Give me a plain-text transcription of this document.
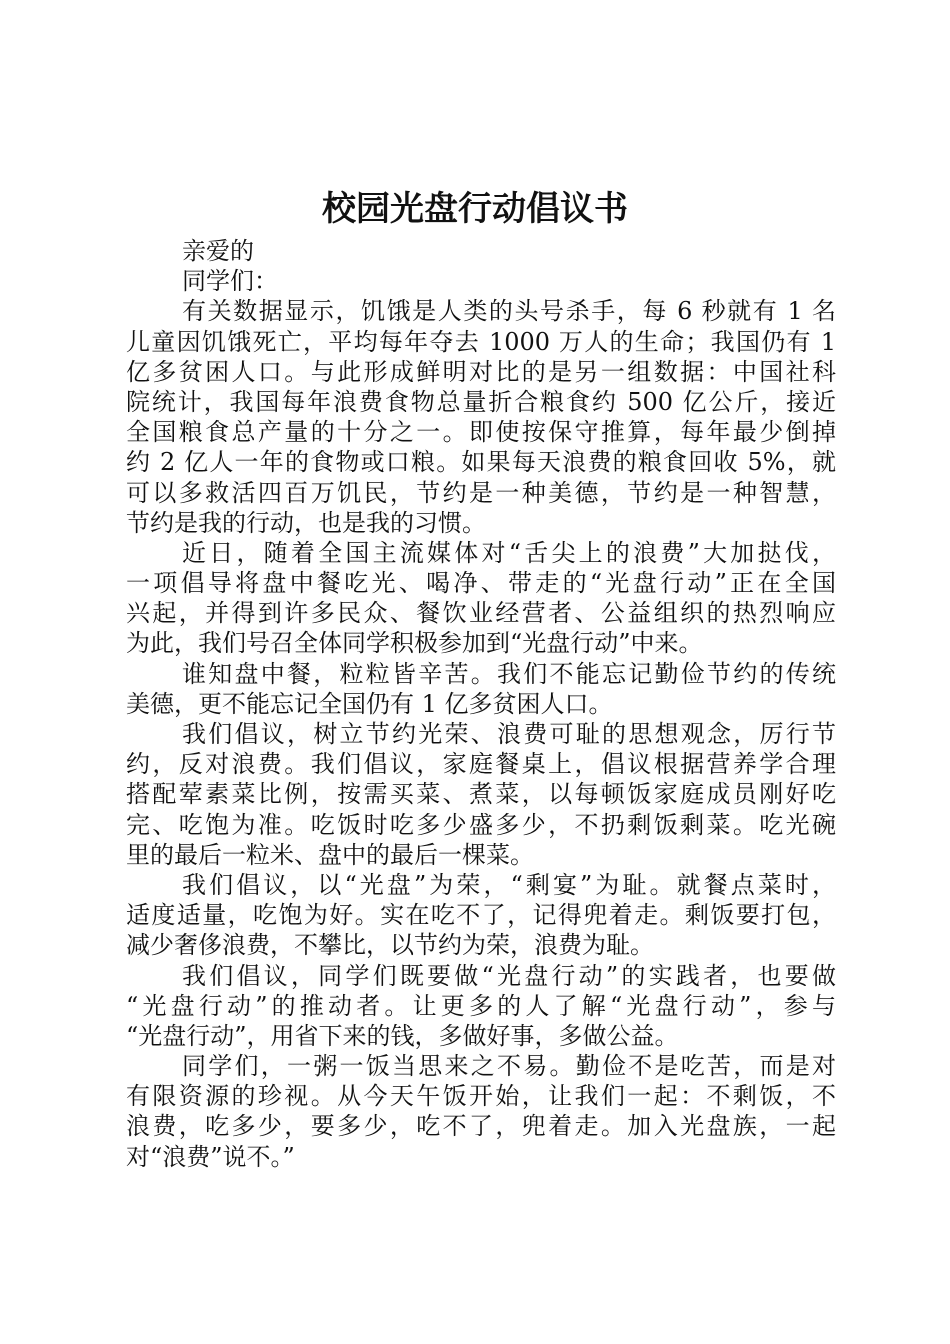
校园光盘行动倡议书
亲爱的
同学们：
有关数据显示，饥饿是人类的头号杀手，每 6 秒就有 1 名
儿童因饥饿死亡，平均每年夺去 1000 万人的生命；我国仍有 1
亿多贫困人口。与此形成鲜明对比的是另一组数据：中国社科
院统计，我国每年浪费食物总量折合粮食约 500 亿公斤，接近
全国粮食总产量的十分之一。即使按保守推算，每年最少倒掉
约 2 亿人一年的食物或口粮。如果每天浪费的粮食回收 5%，就
可以多救活四百万饥民，节约是一种美德，节约是一种智慧，
节约是我的行动，也是我的习惯。
近日，随着全国主流媒体对“舌尖上的浪费”大加挞伐，
一项倡导将盘中餐吃光、喝净、带走的“光盘行动”正在全国
兴起，并得到许多民众、餐饮业经营者、公益组织的热烈响应
为此，我们号召全体同学积极参加到“光盘行动”中来。
谁知盘中餐，粒粒皆辛苦。我们不能忘记勤俭节约的传统
美德，更不能忘记全国仍有 1 亿多贫困人口。
我们倡议，树立节约光荣、浪费可耻的思想观念，厉行节
约，反对浪费。我们倡议，家庭餐桌上，倡议根据营养学合理
搭配荤素菜比例，按需买菜、煮菜，以每顿饭家庭成员刚好吃
完、吃饱为准。吃饭时吃多少盛多少，不扔剩饭剩菜。吃光碗
里的最后一粒米、盘中的最后一棵菜。
我们倡议，以“光盘”为荣，“剩宴”为耻。就餐点菜时，
适度适量，吃饱为好。实在吃不了，记得兜着走。剩饭要打包，
减少奢侈浪费，不攀比，以节约为荣，浪费为耻。
我们倡议，同学们既要做“光盘行动”的实践者，也要做
“光盘行动”的推动者。让更多的人了解“光盘行动”，参与
“光盘行动”，用省下来的钱，多做好事，多做公益。
同学们，一粥一饭当思来之不易。勤俭不是吃苦，而是对
有限资源的珍视。从今天午饭开始，让我们一起：不剩饭，不
浪费，吃多少，要多少，吃不了，兜着走。加入光盘族，一起
对“浪费”说不。”
